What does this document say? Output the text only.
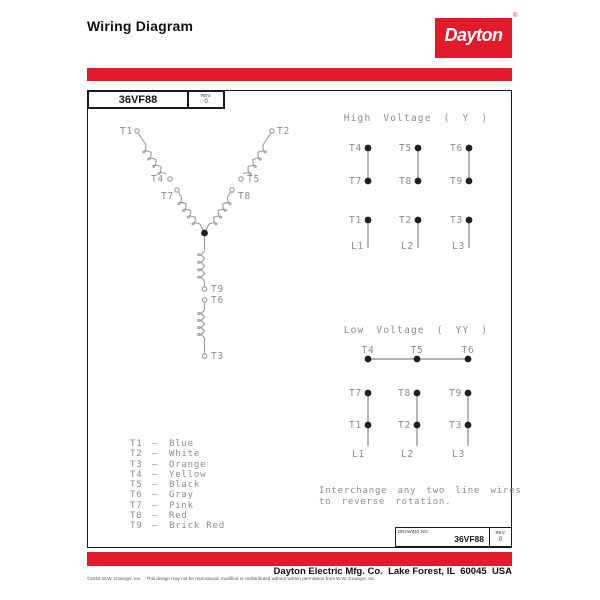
Wiring Diagram	Dayton
®
36VF88	REV.
0
T1	T2
T4
T7
T5
T8
T9
T6
T3
High Voltage ( Y )
T4
T7
T5
T8
T6
T9
T1
L1
T2
L2
T3
L3
Low Voltage ( YY )
T4	T5	T6
T7
T1
L1
T8
T2
L2
T9
T3
L3
T1	–	Blue
T2	–	White
T3	–	Orange
T4	–	Yellow
T5	–	Black
T6	–	Gray
T7	–	Pink
T8	–	Red
T9	–	Brick Red
Interchange any two line wires
to reverse rotation.
DRAWING NO.
36VF88
REV.
0
Dayton Electric Mfg. Co.  Lake Forest, IL  60045  USA
©2015 W.W. Grainger, Inc.    This design may not be reproduced, modified or redistributed without written permission from W.W. Grainger, Inc.
